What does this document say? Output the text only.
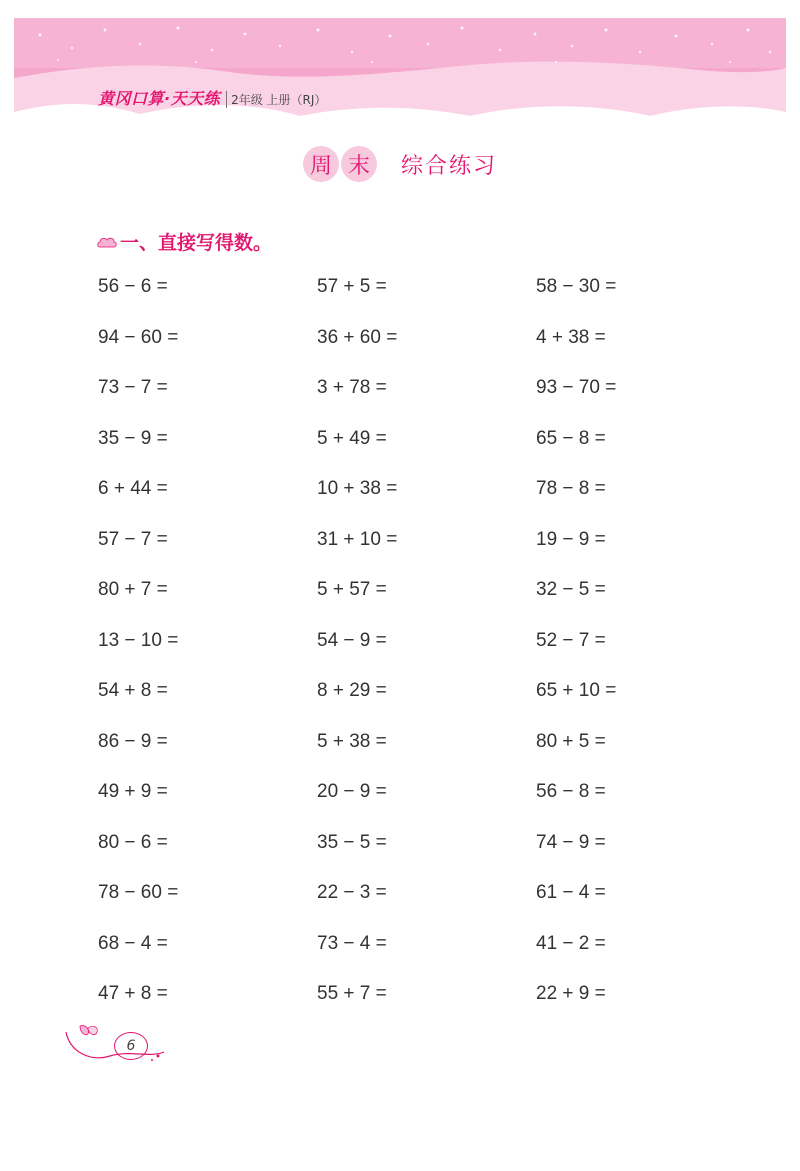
黄冈口算·天天练 2年级 上册（RJ）
周 末	综合练习
一、直接写得数。
56 − 6 =	57 + 5 =	58 − 30 =
94 − 60 =	36 + 60 =	4 + 38 =
73 − 7 =	3 + 78 =	93 − 70 =
35 − 9 =	5 + 49 =	65 − 8 =
6 + 44 =	10 + 38 =	78 − 8 =
57 − 7 =	31 + 10 =	19 − 9 =
80 + 7 =	5 + 57 =	32 − 5 =
13 − 10 =	54 − 9 =	52 − 7 =
54 + 8 =	8 + 29 =	65 + 10 =
86 − 9 =	5 + 38 =	80 + 5 =
49 + 9 =	20 − 9 =	56 − 8 =
80 − 6 =	35 − 5 =	74 − 9 =
78 − 60 =	22 − 3 =	61 − 4 =
68 − 4 =	73 − 4 =	41 − 2 =
47 + 8 =	55 + 7 =	22 + 9 =
6
